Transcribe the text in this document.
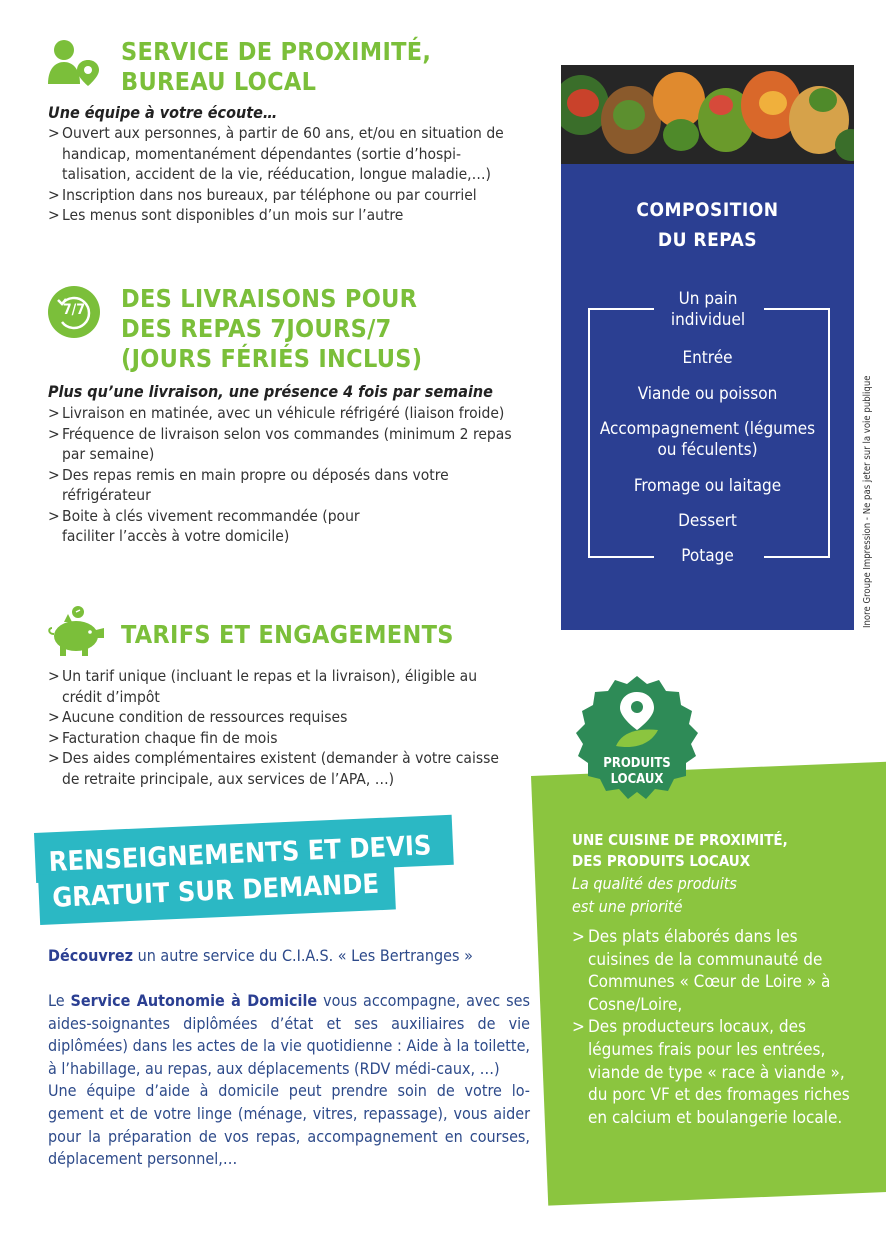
SERVICE DE PROXIMITÉ,
BUREAU LOCAL
Une équipe à votre écoute…
> Ouvert aux personnes, à partir de 60 ans, et/ou en situation de handicap, momentanément dépendantes (sortie d’hospi-talisation, accident de la vie, rééducation, longue maladie,…)
> Inscription dans nos bureaux, par téléphone ou par courriel
> Les menus sont disponibles d’un mois sur l’autre
7/7	DES LIVRAISONS POUR
DES REPAS 7JOURS/7
(JOURS FÉRIÉS INCLUS)
Plus qu’une livraison, une présence 4 fois par semaine
> Livraison en matinée, avec un véhicule réfrigéré (liaison froide)
> Fréquence de livraison selon vos commandes (minimum 2 repas par semaine)
> Des repas remis en main propre ou déposés dans votre réfrigérateur
> Boite à clés vivement recommandée (pour faciliter l’accès à votre domicile)
TARIFS ET ENGAGEMENTS
> Un tarif unique (incluant le repas et la livraison), éligible au crédit d’impôt
> Aucune condition de ressources requises
> Facturation chaque fin de mois
> Des aides complémentaires existent (demander à votre caisse de retraite principale, aux services de l’APA, …)
COMPOSITION
DU REPAS
Un pain individuel
Entrée
Viande ou poisson
Accompagnement (légumes ou féculents)
Fromage ou laitage
Dessert
Potage	Inore Groupe Impression - Ne pas jeter sur la voie publique
UNE CUISINE DE PROXIMITÉ,
DES PRODUITS LOCAUX
La qualité des produits
est une priorité
> Des plats élaborés dans les cuisines de la communauté de Communes « Cœur de Loire » à Cosne/Loire,
> Des producteurs locaux, des légumes frais pour les entrées, viande de type « race à viande », du porc VF et des fromages riches en calcium et boulangerie locale.
PRODUITS
LOCAUX
RENSEIGNEMENTS ET DEVIS
GRATUIT SUR DEMANDE
Découvrez un autre service du C.I.A.S. « Les Bertranges »
Le Service Autonomie à Domicile vous accompagne, avec ses aides-soignantes diplômées d’état et ses auxiliaires de vie diplômées) dans les actes de la vie quotidienne : Aide à la toilette, à l’habillage, au repas, aux déplacements (RDV médi-caux, …)
Une équipe d’aide à domicile peut prendre soin de votre lo-gement et de votre linge (ménage, vitres, repassage), vous aider pour la préparation de vos repas, accompagnement en courses, déplacement personnel,…
